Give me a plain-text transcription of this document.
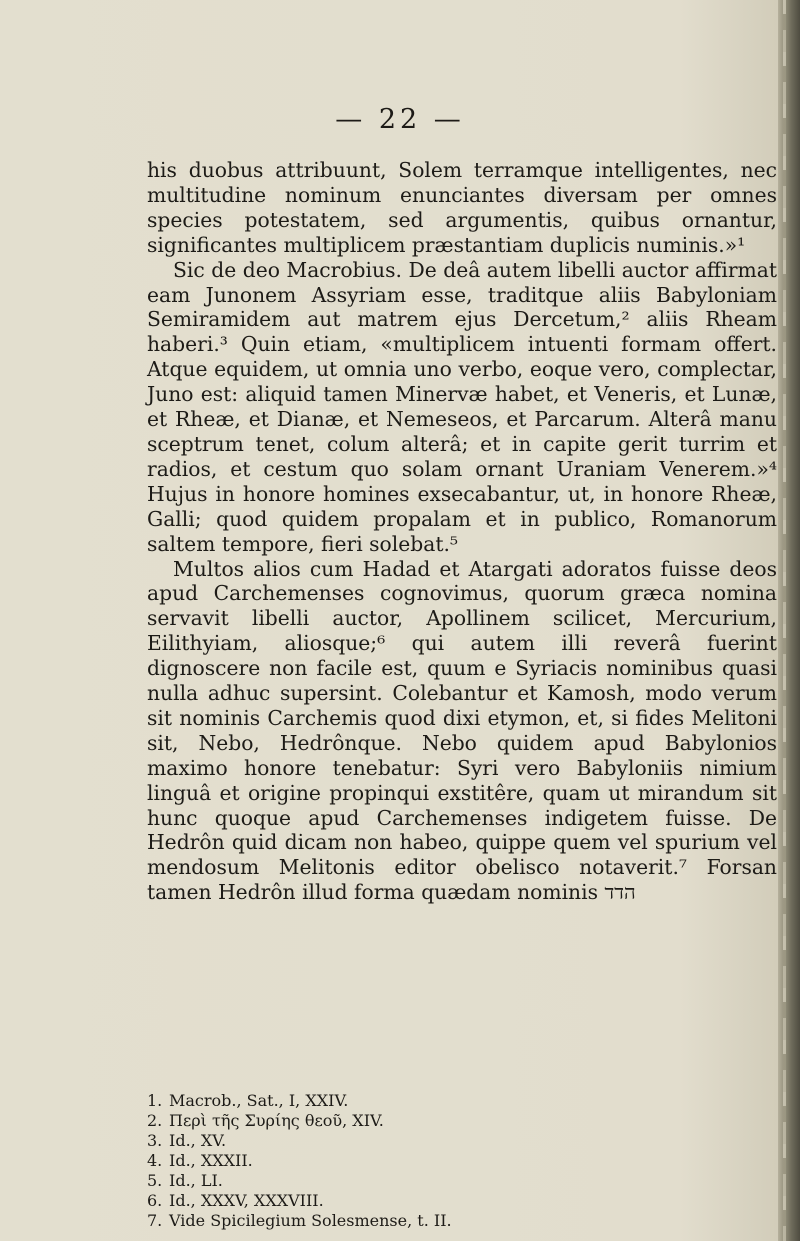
— 22 —

his duobus attribuunt, Solem terramque intelligentes, nec multitudine nominum enunciantes diversam per omnes species potestatem, sed argumentis, quibus ornantur, significantes multiplicem præstantiam duplicis numinis.»¹

Sic de deo Macrobius. De deâ autem libelli auctor affirmat eam Junonem Assyriam esse, traditque aliis Babyloniam Semiramidem aut matrem ejus Dercetum,² aliis Rheam haberi.³ Quin etiam, «multiplicem intuenti formam offert. Atque equidem, ut omnia uno verbo, eoque vero, complectar, Juno est: aliquid tamen Minervæ habet, et Veneris, et Lunæ, et Rheæ, et Dianæ, et Nemeseos, et Parcarum. Alterâ manu sceptrum tenet, colum alterâ; et in capite gerit turrim et radios, et cestum quo solam ornant Uraniam Venerem.»⁴ Hujus in honore homines exsecabantur, ut, in honore Rheæ, Galli; quod quidem propalam et in publico, Romanorum saltem tempore, fieri solebat.⁵

Multos alios cum Hadad et Atargati adoratos fuisse deos apud Carchemenses cognovimus, quorum græca nomina servavit libelli auctor, Apollinem scilicet, Mercurium, Eilithyiam, aliosque;⁶ qui autem illi reverâ fuerint dignoscere non facile est, quum e Syriacis nominibus quasi nulla adhuc supersint. Colebantur et Kamosh, modo verum sit nominis Carchemis quod dixi etymon, et, si fides Melitoni sit, Nebo, Hedrônque. Nebo quidem apud Babylonios maximo honore tenebatur: Syri vero Babyloniis nimium linguâ et origine propinqui exstitêre, quam ut mirandum sit hunc quoque apud Carchemenses indigetem fuisse. De Hedrôn quid dicam non habeo, quippe quem vel spurium vel mendosum Melitonis editor obelisco notaverit.⁷ Forsan tamen Hedrôn illud forma quædam nominis הדד

1. Macrob., Sat., I, XXIV.
2. Περὶ τῆς Συρίης θεοῦ, XIV.
3. Id., XV.
4. Id., XXXII.
5. Id., LI.
6. Id., XXXV, XXXVIII.
7. Vide Spicilegium Solesmense, t. II.
